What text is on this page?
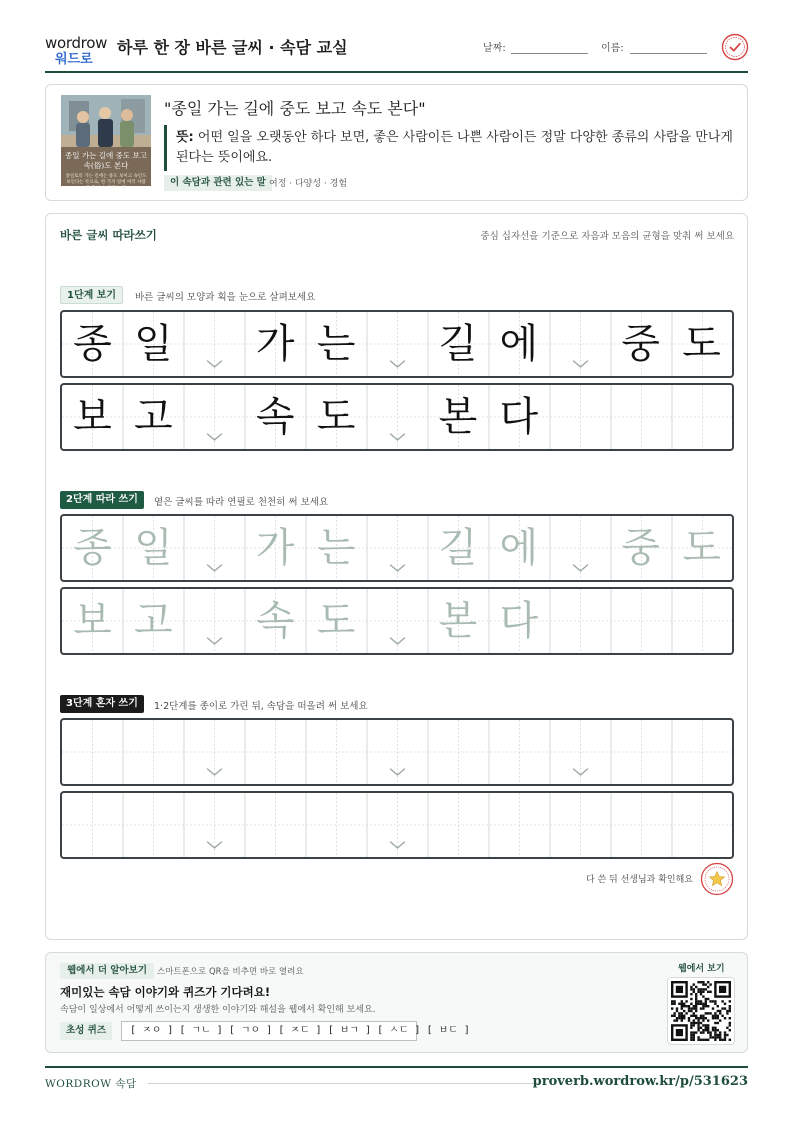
wordrow
워드로
하루 한 장 바른 글씨 · 속담 교실	날짜:	이름:
종일 가는 길에 중도 보고 속(俗)도 본다
종일토록 가는 길에는 중도 보이고 속인도 보인다는 뜻으로, 한 가지 일에 여러 사람을 만날 수 있다는 말
"종일 가는 길에 중도 보고 속도 본다"
뜻: 어떤 일을 오랫동안 하다 보면, 좋은 사람이든 나쁜 사람이든 정말 다양한 종류의 사람을 만나게 된다는 뜻이에요.
이 속담과 관련 있는 말 여정 · 다양성 · 경험
바른 글씨 따라쓰기	중심 십자선을 기준으로 자음과 모음의 균형을 맞춰 써 보세요
1단계 보기	바른 글씨의 모양과 획을 눈으로 살펴보세요
종 일 가 는 길 에 중 도
보 고 속 도 본 다
2단계 따라 쓰기	옅은 글씨를 따라 연필로 천천히 써 보세요
종 일 가 는 길 에 중 도
보 고 속 도 본 다
3단계 혼자 쓰기	1·2단계를 종이로 가린 뒤, 속담을 떠올려 써 보세요
다 쓴 뒤 선생님과 확인해요
웹에서 더 알아보기	스마트폰으로 QR을 비추면 바로 열려요
재미있는 속담 이야기와 퀴즈가 기다려요!
속담이 일상에서 어떻게 쓰이는지 생생한 이야기와 해설을 웹에서 확인해 보세요.
초성 퀴즈	[ ㅈㅇ ] [ ㄱㄴ ] [ ㄱㅇ ] [ ㅈㄷ ] [ ㅂㄱ ] [ ㅅㄷ ] [ ㅂㄷ ]
웹에서 보기
WORDROW 속담	proverb.wordrow.kr/p/531623
